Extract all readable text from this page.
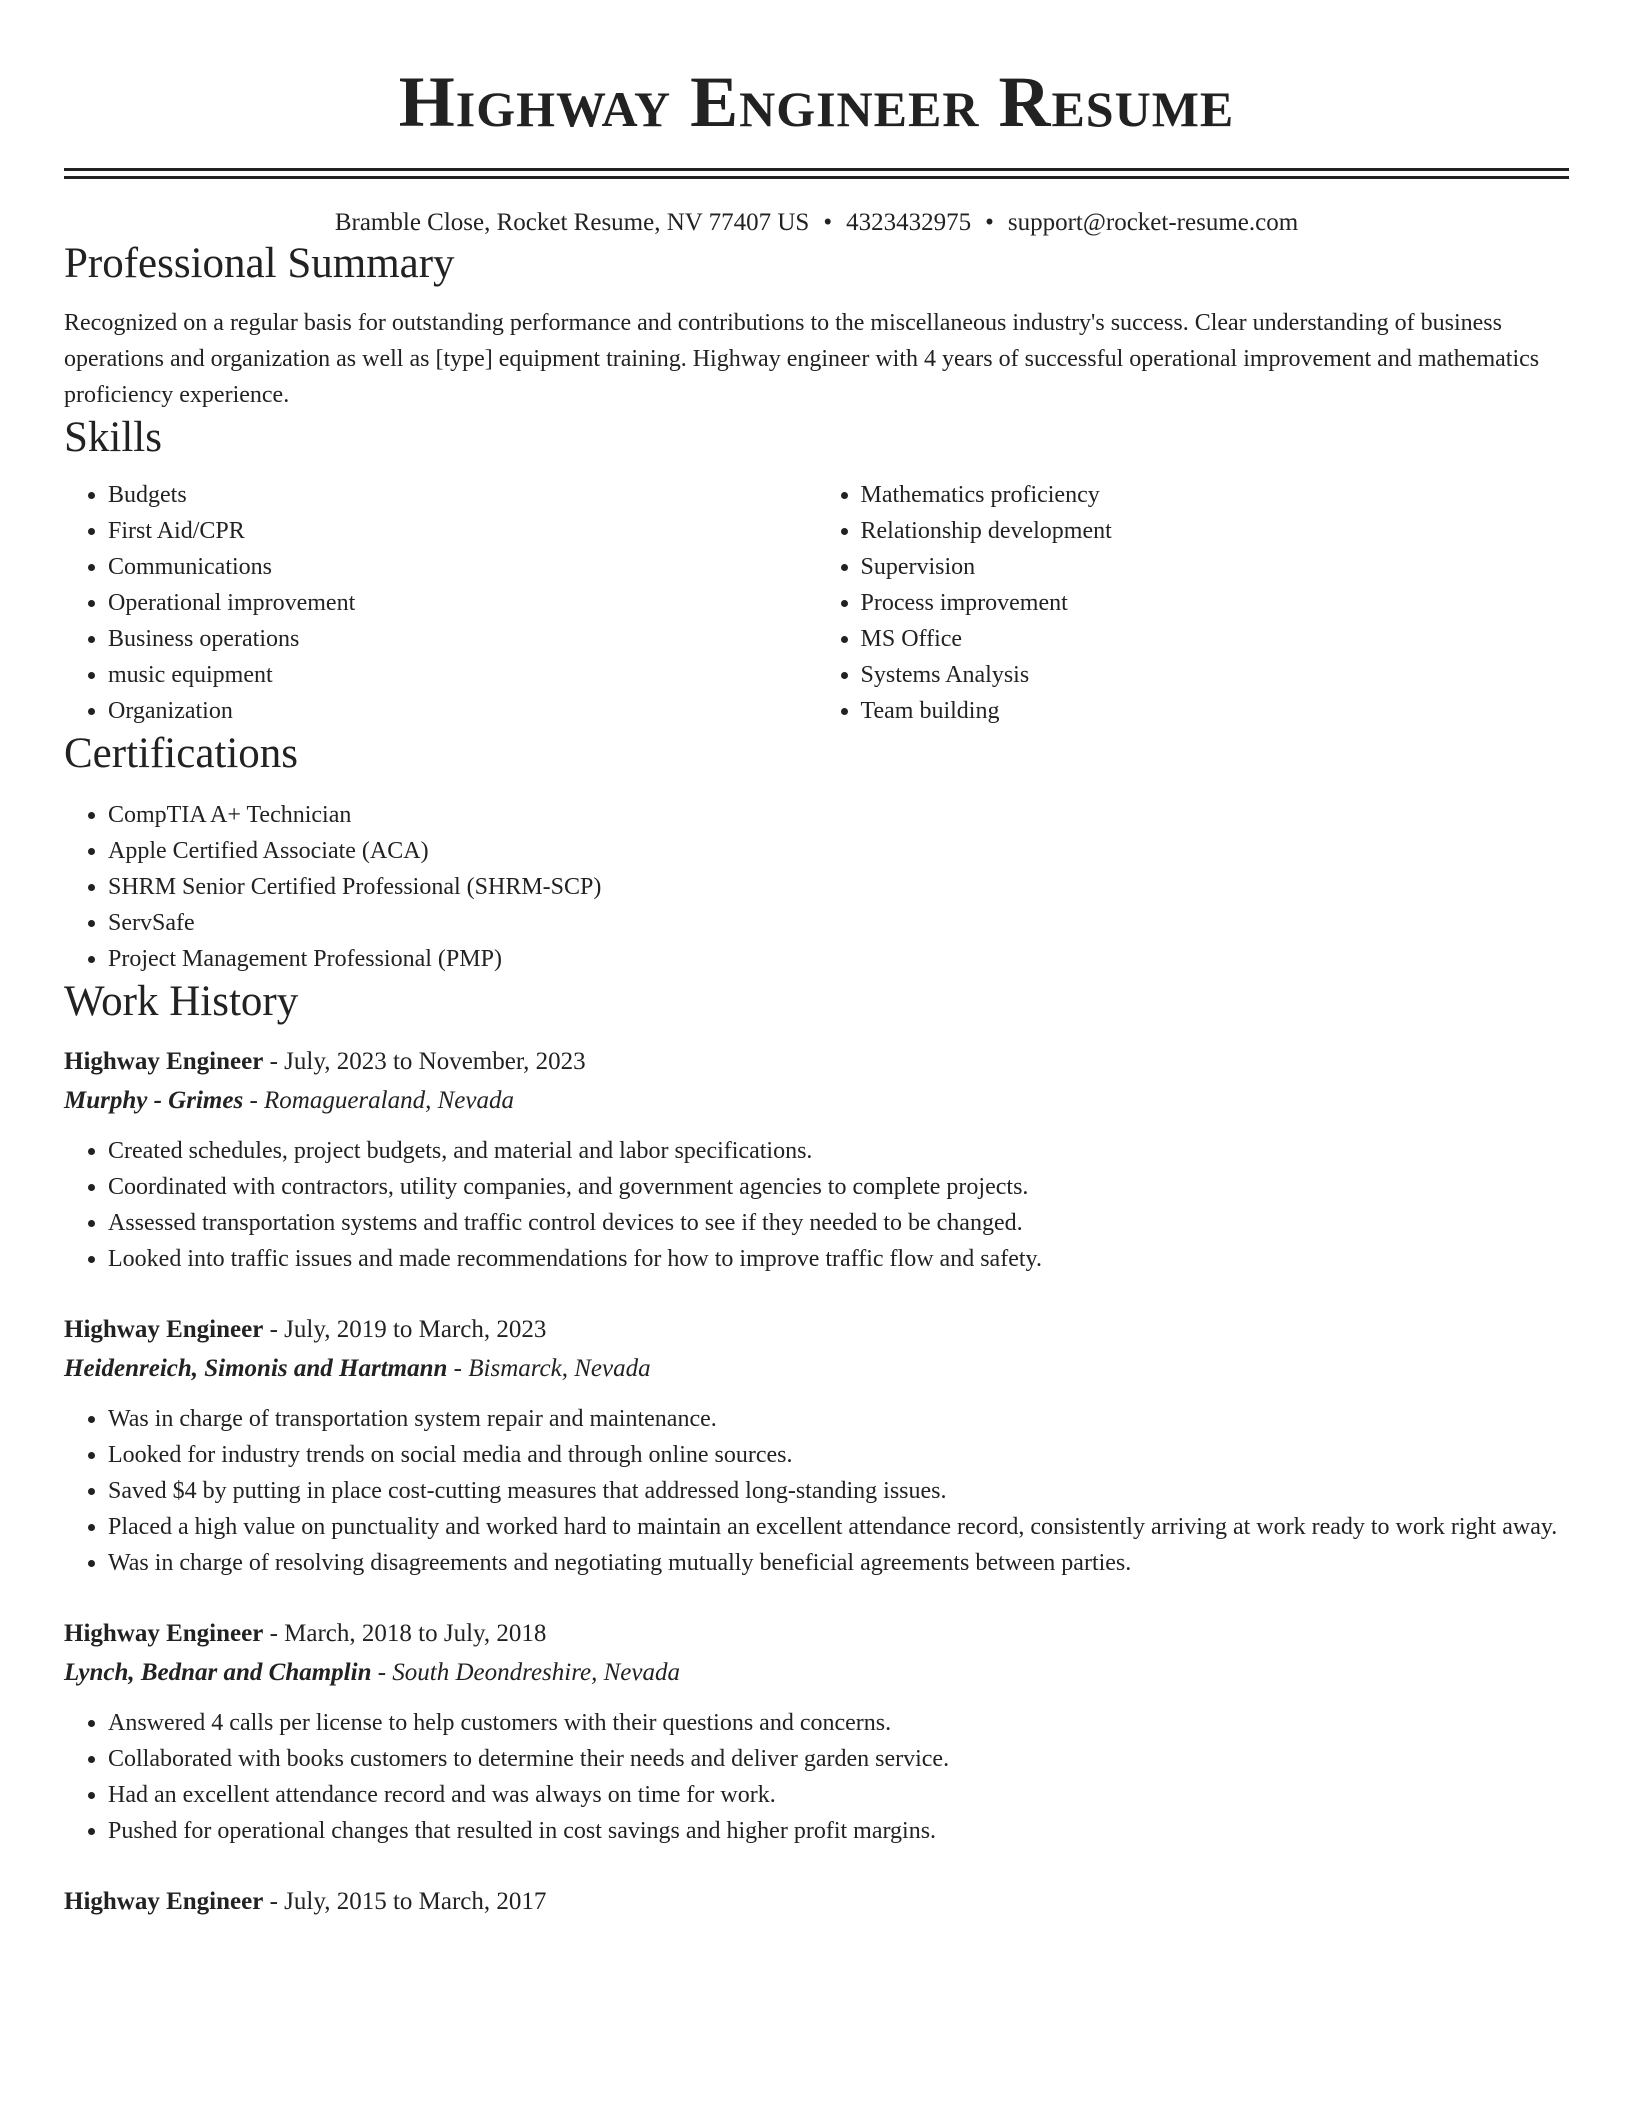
Highway Engineer Resume
Bramble Close, Rocket Resume, NV 77407 US • 4323432975 • support@rocket-resume.com
Professional Summary

Recognized on a regular basis for outstanding performance and contributions to the miscellaneous industry's success. Clear understanding of business operations and organization as well as [type] equipment training. Highway engineer with 4 years of successful operational improvement and mathematics proficiency experience.

Skills
• Budgets
• First Aid/CPR
• Communications
• Operational improvement
• Business operations
• music equipment
• Organization
• Mathematics proficiency
• Relationship development
• Supervision
• Process improvement
• MS Office
• Systems Analysis
• Team building
Certifications
• CompTIA A+ Technician
• Apple Certified Associate (ACA)
• SHRM Senior Certified Professional (SHRM-SCP)
• ServSafe
• Project Management Professional (PMP)
Work History
Highway Engineer - July, 2023 to November, 2023
Murphy - Grimes - Romagueraland, Nevada
• Created schedules, project budgets, and material and labor specifications.
• Coordinated with contractors, utility companies, and government agencies to complete projects.
• Assessed transportation systems and traffic control devices to see if they needed to be changed.
• Looked into traffic issues and made recommendations for how to improve traffic flow and safety.
Highway Engineer - July, 2019 to March, 2023
Heidenreich, Simonis and Hartmann - Bismarck, Nevada
• Was in charge of transportation system repair and maintenance.
• Looked for industry trends on social media and through online sources.
• Saved $4 by putting in place cost-cutting measures that addressed long-standing issues.
• Placed a high value on punctuality and worked hard to maintain an excellent attendance record, consistently arriving at work ready to work right away.
• Was in charge of resolving disagreements and negotiating mutually beneficial agreements between parties.
Highway Engineer - March, 2018 to July, 2018
Lynch, Bednar and Champlin - South Deondreshire, Nevada
• Answered 4 calls per license to help customers with their questions and concerns.
• Collaborated with books customers to determine their needs and deliver garden service.
• Had an excellent attendance record and was always on time for work.
• Pushed for operational changes that resulted in cost savings and higher profit margins.
Highway Engineer - July, 2015 to March, 2017
